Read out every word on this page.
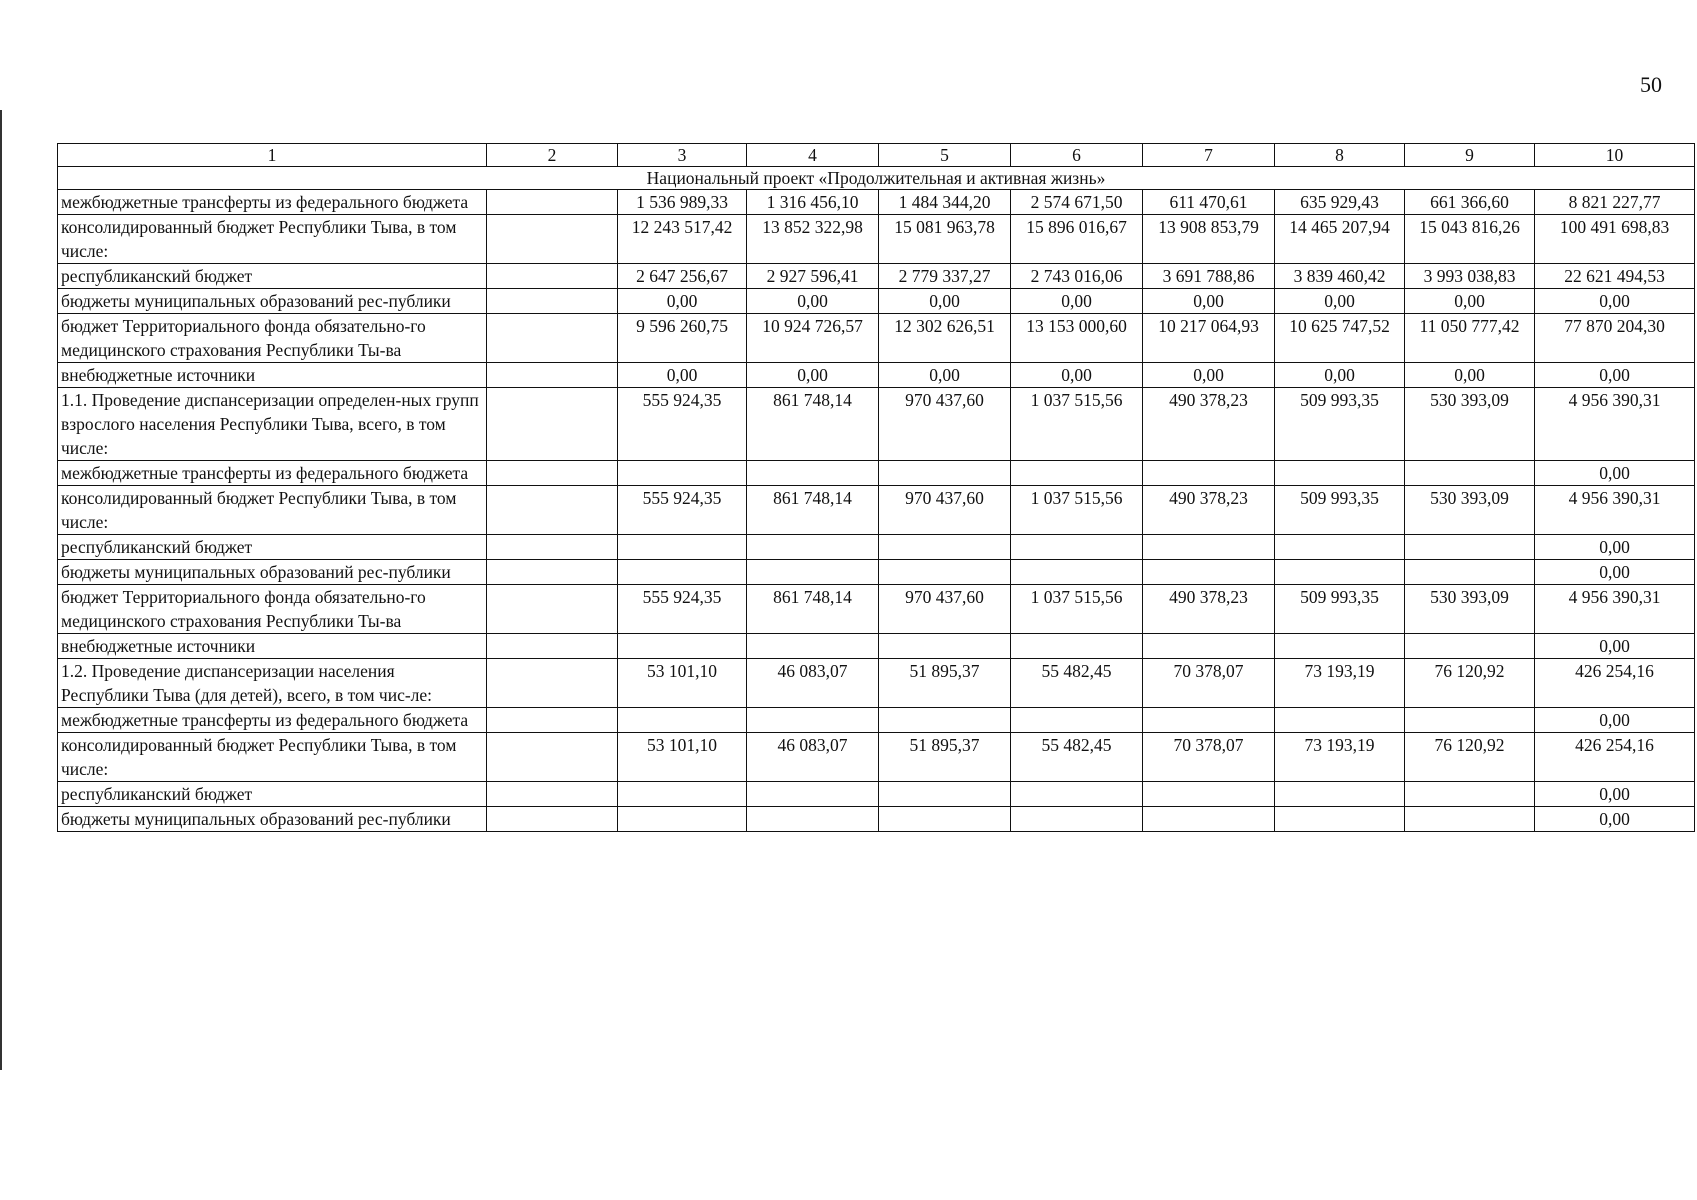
50
1	2	3	4	5	6	7	8	9	10
Национальный проект «Продолжительная и активная жизнь»									
межбюджетные трансферты из федерального бюджета		1 536 989,33	1 316 456,10	1 484 344,20	2 574 671,50	611 470,61	635 929,43	661 366,60	8 821 227,77
консолидированный бюджет Республики Тыва, в том числе:		12 243 517,42	13 852 322,98	15 081 963,78	15 896 016,67	13 908 853,79	14 465 207,94	15 043 816,26	100 491 698,83
республиканский бюджет		2 647 256,67	2 927 596,41	2 779 337,27	2 743 016,06	3 691 788,86	3 839 460,42	3 993 038,83	22 621 494,53
бюджеты муниципальных образований рес-публики		0,00	0,00	0,00	0,00	0,00	0,00	0,00	0,00
бюджет Территориального фонда обязательно-го медицинского страхования Республики Ты-ва		9 596 260,75	10 924 726,57	12 302 626,51	13 153 000,60	10 217 064,93	10 625 747,52	11 050 777,42	77 870 204,30
внебюджетные источники		0,00	0,00	0,00	0,00	0,00	0,00	0,00	0,00
1.1. Проведение диспансеризации определен-ных групп взрослого населения Республики Тыва, всего, в том числе:		555 924,35	861 748,14	970 437,60	1 037 515,56	490 378,23	509 993,35	530 393,09	4 956 390,31
межбюджетные трансферты из федерального бюджета									0,00
консолидированный бюджет Республики Тыва, в том числе:		555 924,35	861 748,14	970 437,60	1 037 515,56	490 378,23	509 993,35	530 393,09	4 956 390,31
республиканский бюджет									0,00
бюджеты муниципальных образований рес-публики									0,00
бюджет Территориального фонда обязательно-го медицинского страхования Республики Ты-ва		555 924,35	861 748,14	970 437,60	1 037 515,56	490 378,23	509 993,35	530 393,09	4 956 390,31
внебюджетные источники									0,00
1.2. Проведение диспансеризации населения Республики Тыва (для детей), всего, в том чис-ле:		53 101,10	46 083,07	51 895,37	55 482,45	70 378,07	73 193,19	76 120,92	426 254,16
межбюджетные трансферты из федерального бюджета									0,00
консолидированный бюджет Республики Тыва, в том числе:		53 101,10	46 083,07	51 895,37	55 482,45	70 378,07	73 193,19	76 120,92	426 254,16
республиканский бюджет									0,00
бюджеты муниципальных образований рес-публики									0,00
